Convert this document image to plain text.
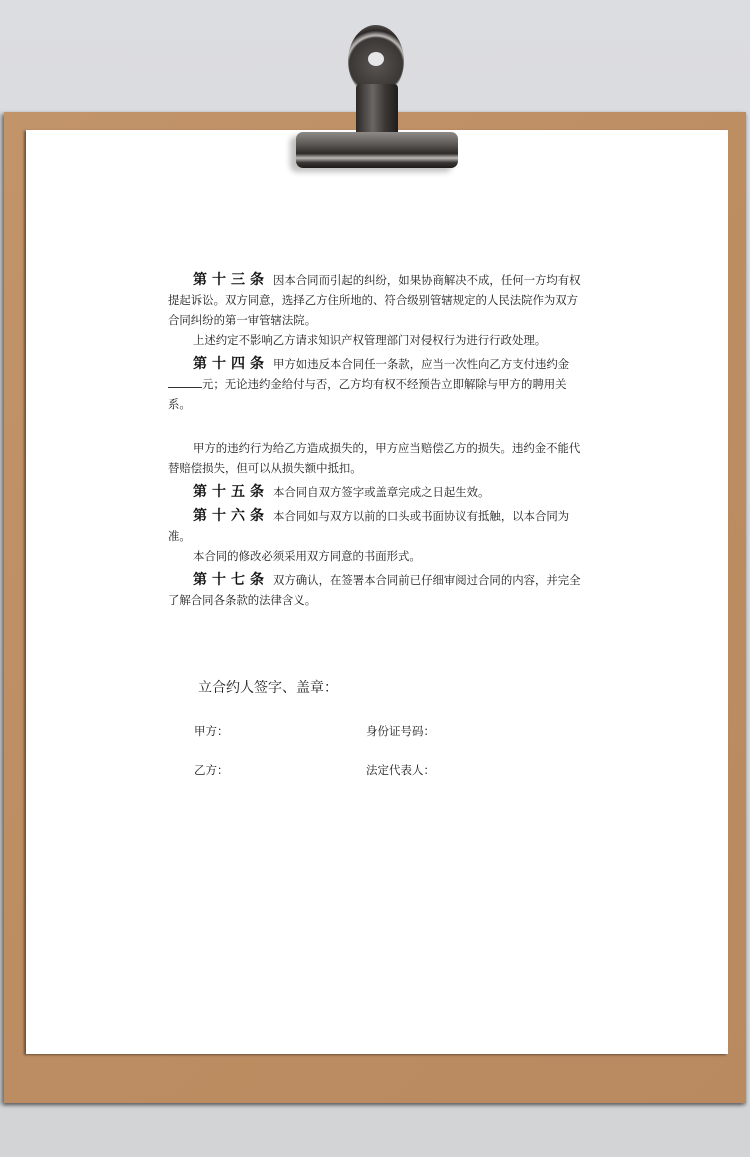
第十三条 因本合同而引起的纠纷，如果协商解决不成，任何一方均有权提起诉讼。双方同意，选择乙方住所地的、符合级别管辖规定的人民法院作为双方合同纠纷的第一审管辖法院。

上述约定不影响乙方请求知识产权管理部门对侵权行为进行行政处理。

第十四条 甲方如违反本合同任一条款，应当一次性向乙方支付违约金元；无论违约金给付与否，乙方均有权不经预告立即解除与甲方的聘用关系。

甲方的违约行为给乙方造成损失的，甲方应当赔偿乙方的损失。违约金不能代替赔偿损失，但可以从损失额中抵扣。

第十五条 本合同自双方签字或盖章完成之日起生效。

第十六条 本合同如与双方以前的口头或书面协议有抵触，以本合同为准。

本合同的修改必须采用双方同意的书面形式。

第十七条 双方确认，在签署本合同前已仔细审阅过合同的内容，并完全了解合同各条款的法律含义。

立合约人签字、盖章：
甲方：	身份证号码：
乙方：	法定代表人：
